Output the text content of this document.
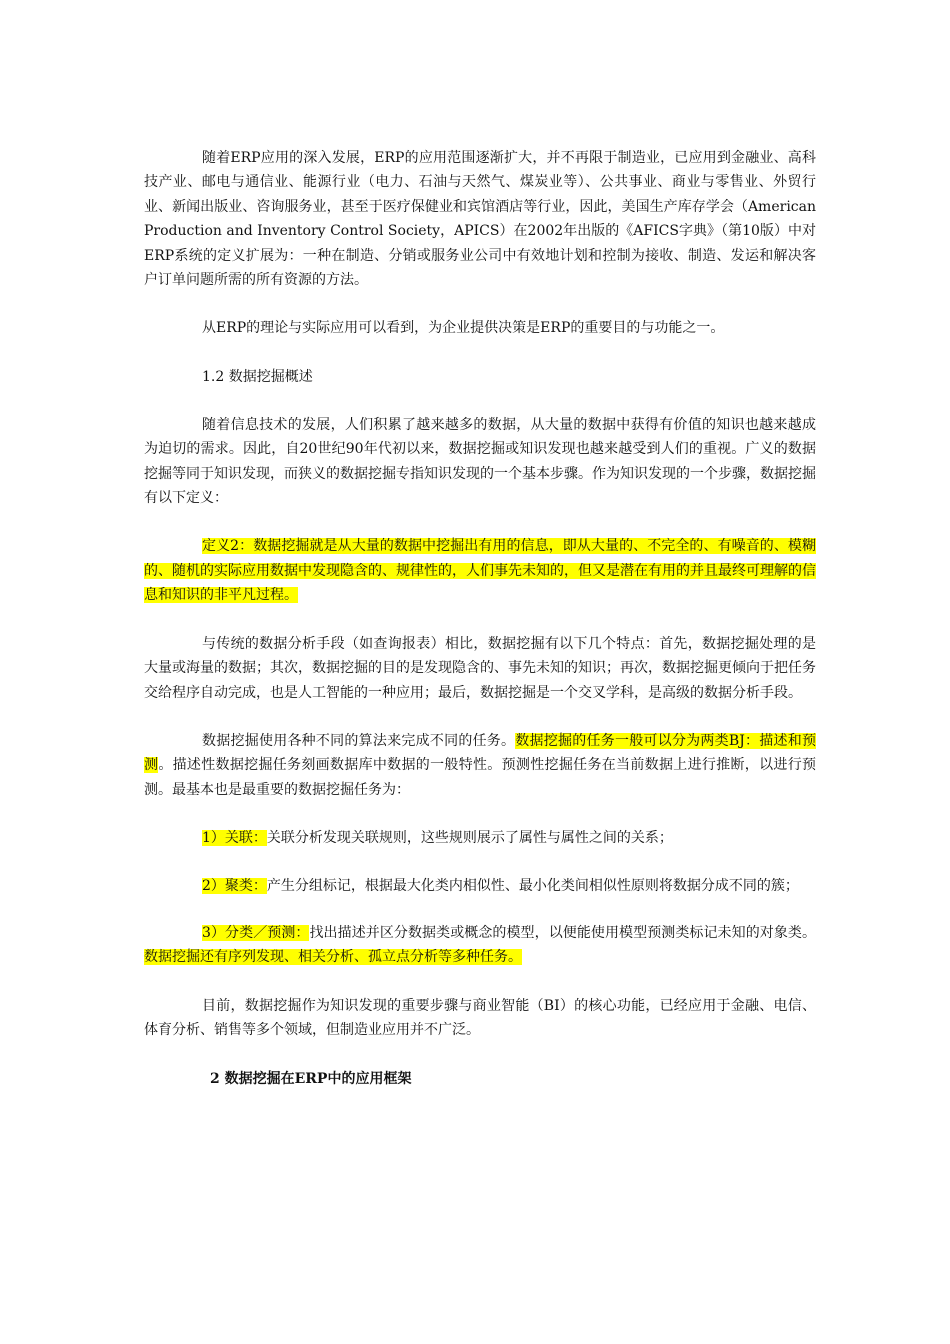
随着ERP应用的深入发展，ERP的应用范围逐渐扩大，并不再限于制造业，已应用到金融业、高科技产业、邮电与通信业、能源行业（电力、石油与天然气、煤炭业等）、公共事业、商业与零售业、外贸行业、新闻出版业、咨询服务业，甚至于医疗保健业和宾馆酒店等行业，因此，美国生产库存学会（American Production and Inventory Control Society，APICS）在2002年出版的《AFICS字典》（第10版）中对ERP系统的定义扩展为：一种在制造、分销或服务业公司中有效地计划和控制为接收、制造、发运和解决客户订单问题所需的所有资源的方法。

从ERP的理论与实际应用可以看到，为企业提供决策是ERP的重要目的与功能之一。

1.2 数据挖掘概述

随着信息技术的发展，人们积累了越来越多的数据，从大量的数据中获得有价值的知识也越来越成为迫切的需求。因此，自20世纪90年代初以来，数据挖掘或知识发现也越来越受到人们的重视。广义的数据挖掘等同于知识发现，而狭义的数据挖掘专指知识发现的一个基本步骤。作为知识发现的一个步骤，数据挖掘有以下定义：

定义2：数据挖掘就是从大量的数据中挖掘出有用的信息，即从大量的、不完全的、有噪音的、模糊的、随机的实际应用数据中发现隐含的、规律性的，人们事先未知的，但又是潜在有用的并且最终可理解的信息和知识的非平凡过程。

与传统的数据分析手段（如查询报表）相比，数据挖掘有以下几个特点：首先，数据挖掘处理的是大量或海量的数据；其次，数据挖掘的目的是发现隐含的、事先未知的知识；再次，数据挖掘更倾向于把任务交给程序自动完成，也是人工智能的一种应用；最后，数据挖掘是一个交叉学科，是高级的数据分析手段。

数据挖掘使用各种不同的算法来完成不同的任务。数据挖掘的任务一般可以分为两类BJ：描述和预测。描述性数据挖掘任务刻画数据库中数据的一般特性。预测性挖掘任务在当前数据上进行推断，以进行预测。最基本也是最重要的数据挖掘任务为：

1）关联：关联分析发现关联规则，这些规则展示了属性与属性之间的关系；

2）聚类：产生分组标记，根据最大化类内相似性、最小化类间相似性原则将数据分成不同的簇；

3）分类／预测：找出描述并区分数据类或概念的模型，以便能使用模型预测类标记未知的对象类。数据挖掘还有序列发现、相关分析、孤立点分析等多种任务。

目前，数据挖掘作为知识发现的重要步骤与商业智能（BI）的核心功能，已经应用于金融、电信、体育分析、销售等多个领域，但制造业应用并不广泛。

2 数据挖掘在ERP中的应用框架
